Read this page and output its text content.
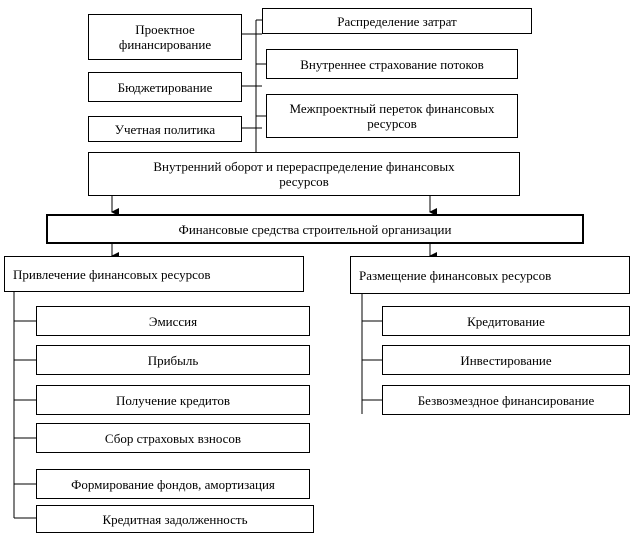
Проектное финансирование
Распределение затрат
Бюджетирование
Внутреннее страхование потоков
Учетная политика
Межпроектный переток финансовых ресурсов
Внутренний оборот и перераспределение финансовых ресурсов
Финансовые средства строительной организации
Привлечение финансовых ресурсов	Размещение финансовых ресурсов
Эмиссия
Прибыль
Получение кредитов
Сбор страховых взносов
Формирование фондов, амортизация
Кредитная задолженность
Кредитование
Инвестирование
Безвозмездное финансирование
